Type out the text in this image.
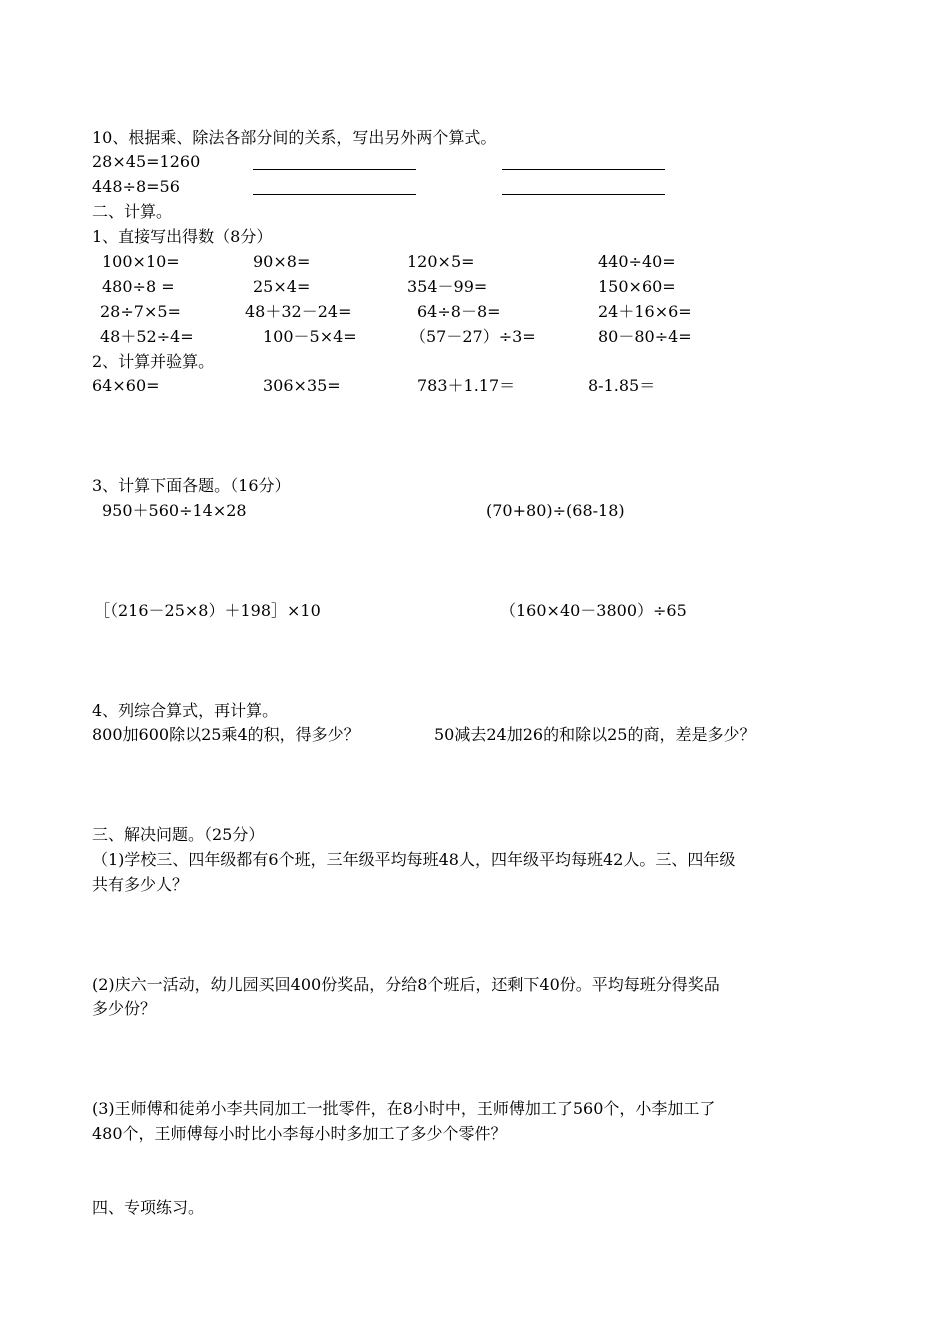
10、根据乘、除法各部分间的关系，写出另外两个算式。
28×45=1260
448÷8=56
二、计算。
1、直接写出得数（8分）
100×10=	90×8=	120×5=	440÷40=
480÷8 =	25×4=	354－99=	150×60=
28÷7×5=	48＋32－24=	64÷8－8=	24＋16×6=
48＋52÷4=	100－5×4=	（57－27）÷3=	80－80÷4=
2、计算并验算。
64×60=	306×35=	783＋1.17＝	8-1.85＝
3、计算下面各题。（16分）
950＋560÷14×28	(70+80)÷(68-18)
［（216－25×8）＋198］×10	（160×40－3800）÷65
4、列综合算式，再计算。
800加600除以25乘4的积，得多少？	50减去24加26的和除以25的商，差是多少？
三、解决问题。（25分）
（1)学校三、四年级都有6个班，三年级平均每班48人，四年级平均每班42人。三、四年级
共有多少人？
(2)庆六一活动，幼儿园买回400份奖品，分给8个班后，还剩下40份。平均每班分得奖品
多少份？
(3)王师傅和徒弟小李共同加工一批零件，在8小时中，王师傅加工了560个，小李加工了
480个，王师傅每小时比小李每小时多加工了多少个零件？
四、专项练习。
